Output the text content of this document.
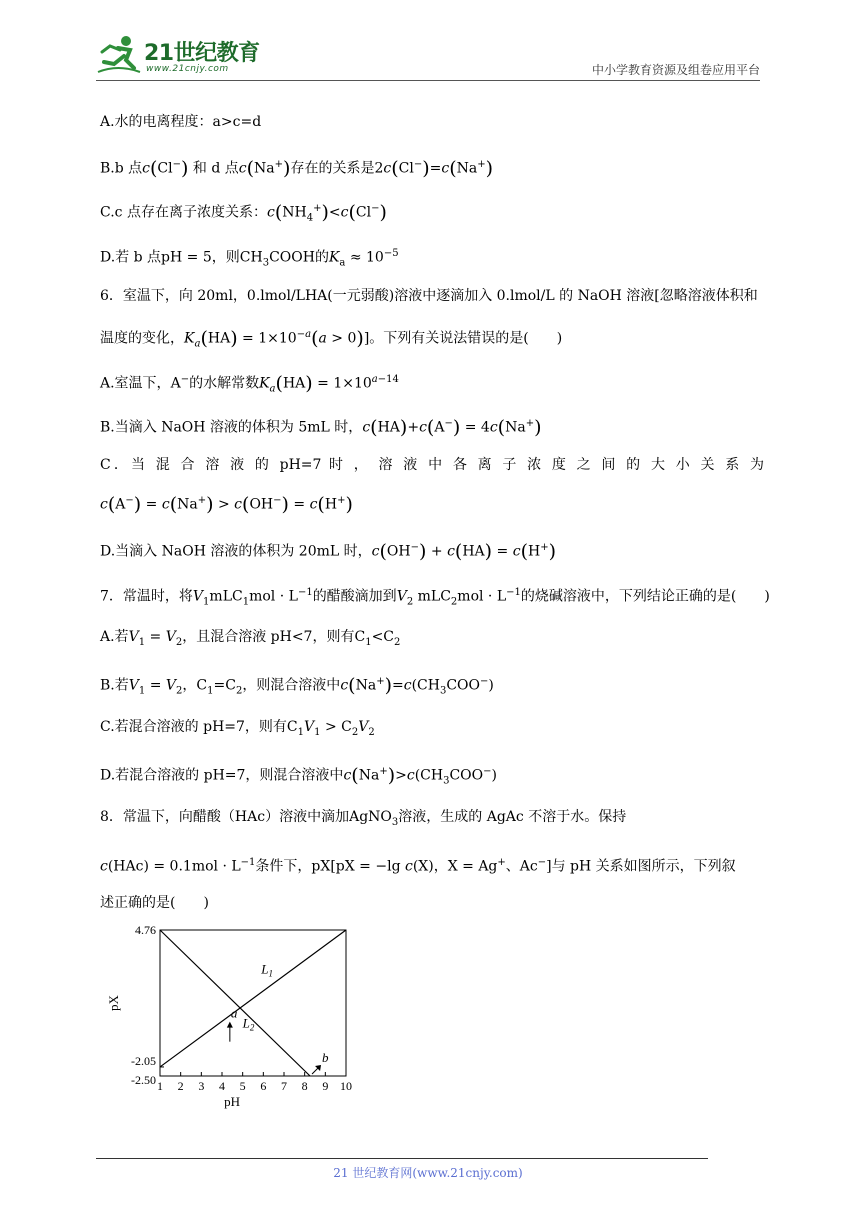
21世纪教育
www.21cnjy.com	中小学教育资源及组卷应用平台
A.水的电离程度：a>c=d
B.b 点c(Cl−) 和 d 点c(Na+)存在的关系是2c(Cl−)=c(Na+)
C.c 点存在离子浓度关系：$c(NH_4^+)<c(Cl^-)$
D.若 b 点pH = 5，则$CH_3COOH$的$K_a \approx 10^{-5}$
6．室温下，向 20ml，0.lmol/LHA(一元弱酸)溶液中逐滴加入 0.lmol/L 的 NaOH 溶液[忽略溶液体积和
温度的变化，$K_a(HA) = 1\times 10^{-a}(a > 0)$]。下列有关说法错误的是(　　)
A.室温下，A−的水解常数$K_a(HA) = 1\times 10^{a-14}$
B.当滴入 NaOH 溶液的体积为 5mL 时，c(HA)+c(A−) = 4c(Na+)
C．当 混 合 溶 液 的 pH=7 时 ， 溶 液 中 各 离 子 浓 度 之 间 的 大 小 关 系 为
c(A−) = c(Na+) > c(OH−) = c(H+)
D.当滴入 NaOH 溶液的体积为 20mL 时，c(OH−) + c(HA) = c(H+)
7．常温时，将$V_1mLC_1mol \cdot L^{-1}$的醋酸滴加到$V_2$ $mLC_2mol \cdot L^{-1}$的烧碱溶液中，下列结论正确的是(　　)
A.若$V_1 = V_2$，且混合溶液 pH<7，则有$C_1<C_2$
B.若$V_1 = V_2$，$C_1=C_2$，则混合溶液中$c(Na^+)=c(CH_3COO^-)$
C.若混合溶液的 pH=7，则有$C_1V_1 > C_2V_2$
D.若混合溶液的 pH=7，则混合溶液中$c(Na^+)>c(CH_3COO^-)$
8．常温下，向醋酸（HAc）溶液中滴加AgNO$_3$溶液，生成的 AgAc 不溶于水。保持
$c(HAc) = 0.1mol \cdot L^{-1}$条件下，pX[pX = −lg c(X)，X = Ag+、Ac−]与 pH 关系如图所示，下列叙
述正确的是(　　)
1 2 3 4 5 6 7 8 9 10
4.76
-2.05
-2.50
$L_1$
$L_2$
a
b
pX
pH
21 世纪教育网(www.21cnjy.com)
